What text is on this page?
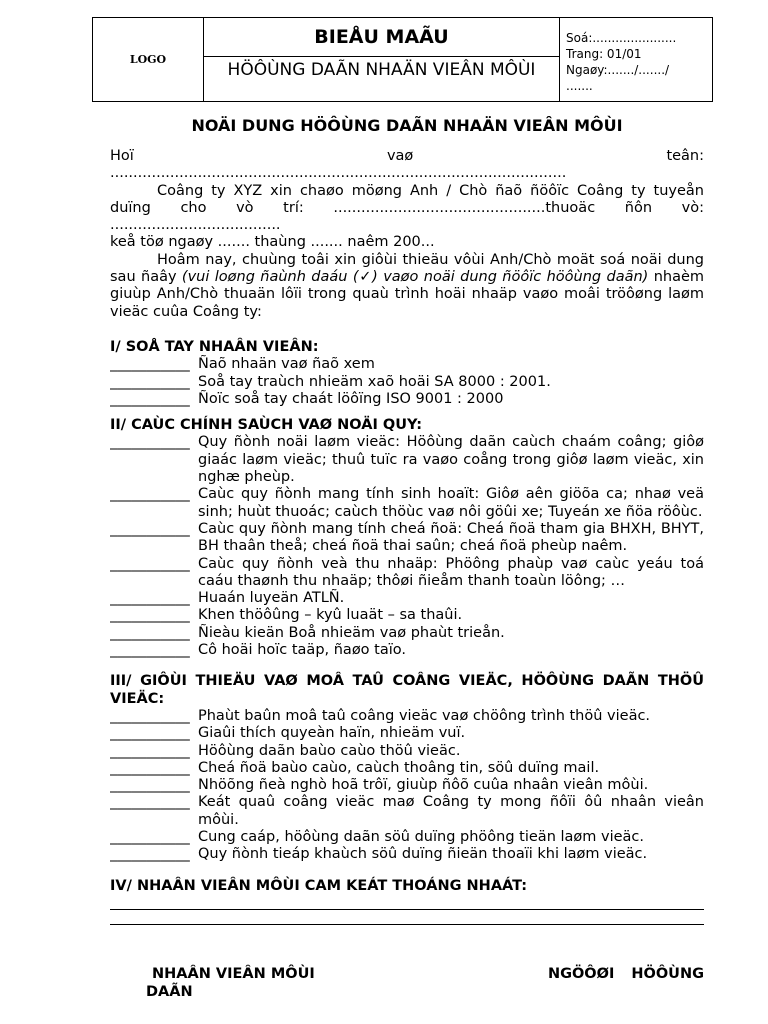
LOGO
BIEÅU MAÃU
HÖÔÙNG DAÃN NHAÄN VIEÂN MÔÙI
Soá:......................
Trang: 01/01
Ngaøy:......./......./
.......
NOÄI DUNG HÖÔÙNG DAÃN NHAÄN VIEÂN MÔÙI
Hoï	vaø	teân:
...................................................................................................
Coâng ty XYZ xin chaøo möøng Anh / Chò ñaõ ñöôïc Coâng ty tuyeån duïng cho vò trí: ..............................................thuoäc ñôn vò: .....................................
keå töø ngaøy ....... thaùng ....... naêm 200...
Hoâm nay, chuùng toâi xin giôùi thieäu vôùi Anh/Chò moät soá noäi dung sau ñaây (vui loøng ñaùnh daáu (✓) vaøo noäi dung ñöôïc höôùng daãn) nhaèm giuùp Anh/Chò thuaän lôïi trong quaù trình hoäi nhaäp vaøo moâi tröôøng laøm vieäc cuûa Coâng ty:
I/ SOÅ TAY NHAÂN VIEÂN:
___________ Ñaõ nhaän vaø ñaõ xem
___________ Soå tay traùch nhieäm xaõ hoäi SA 8000 : 2001.
___________ Ñoïc soå tay chaát löôïng ISO 9001 : 2000
II/ CAÙC CHÍNH SAÙCH VAØ NOÄI QUY:
___________ Quy ñònh noäi laøm vieäc: Höôùng daãn caùch chaám coâng; giôø giaác laøm vieäc; thuû tuïc ra vaøo coång trong giôø laøm vieäc, xin nghæ pheùp.
___________ Caùc quy ñònh mang tính sinh hoaït: Giôø aên giöõa ca; nhaø veä sinh; huùt thuoác; caùch thöùc vaø nôi göûi xe; Tuyeán xe ñöa röôùc.
___________ Caùc quy ñònh mang tính cheá ñoä: Cheá ñoä tham gia BHXH, BHYT, BH thaân theå; cheá ñoä thai saûn; cheá ñoä pheùp naêm.
___________ Caùc quy ñònh veà thu nhaäp: Phöông phaùp vaø caùc yeáu toá caáu thaønh thu nhaäp; thôøi ñieåm thanh toaùn löông; …
___________ Huaán luyeän ATLÑ.
___________ Khen thöôûng – kyû luaät – sa thaûi.
___________ Ñieàu kieän Boå nhieäm vaø phaùt trieån.
___________ Cô hoäi hoïc taäp, ñaøo taïo.
III/ GIÔÙI THIEÄU VAØ MOÂ TAÛ COÂNG VIEÄC, HÖÔÙNG DAÃN THÖÛ VIEÄC:
___________ Phaùt baûn moâ taû coâng vieäc vaø chöông trình thöû vieäc.
___________ Giaûi thích quyeàn haïn, nhieäm vuï.
___________ Höôùng daãn baùo caùo thöû vieäc.
___________ Cheá ñoä baùo caùo, caùch thoâng tin, söû duïng mail.
___________ Nhöõng ñeà nghò hoã trôï, giuùp ñôõ cuûa nhaân vieân môùi.
___________ Keát quaû coâng vieäc maø Coâng ty mong ñôïi ôû nhaân vieân môùi.
___________ Cung caáp, höôùng daãn söû duïng phöông tieän laøm vieäc.
___________ Quy ñònh tieáp khaùch söû duïng ñieän thoaïi khi laøm vieäc.
IV/ NHAÂN VIEÂN MÔÙI CAM KEÁT THOÁNG NHAÁT:
NHAÂN VIEÂN MÔÙI	NGÖÔØI HÖÔÙNG
DAÃN
